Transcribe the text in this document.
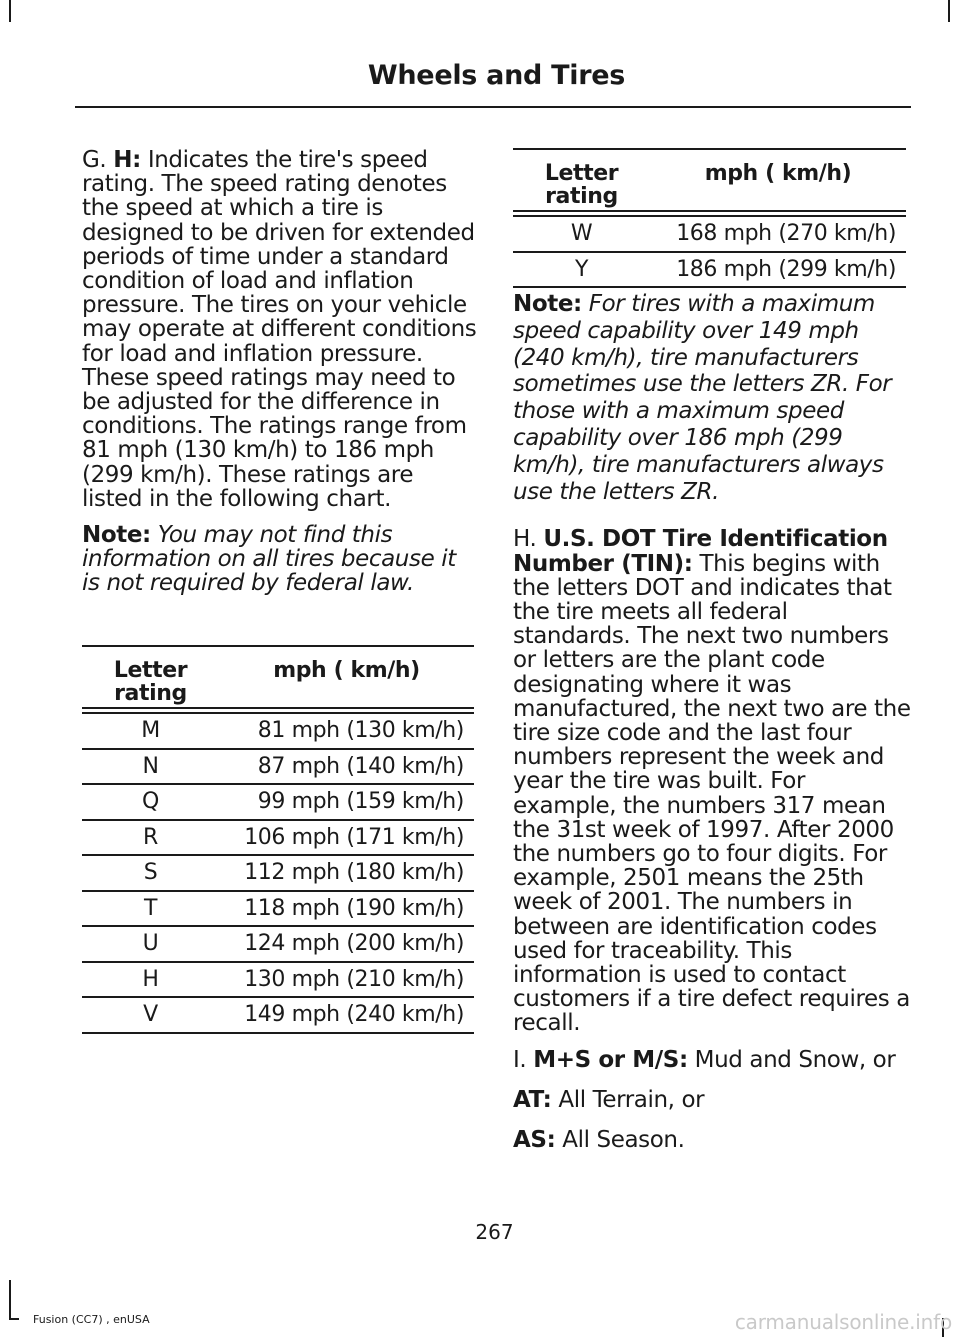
Wheels and Tires

G. H: Indicates the tire's speed rating. The speed rating denotes the speed at which a tire is designed to be driven for extended periods of time under a standard condition of load and inflation pressure. The tires on your vehicle may operate at different conditions for load and inflation pressure. These speed ratings may need to be adjusted for the difference in conditions. The ratings range from 81 mph (130 km/h) to 186 mph (299 km/h). These ratings are listed in the following chart.

Note: You may not find this information on all tires because it is not required by federal law.

Letter rating	mph ( km/h)

M	81 mph (130 km/h)
N	87 mph (140 km/h)
Q	99 mph (159 km/h)
R	106 mph (171 km/h)
S	112 mph (180 km/h)
T	118 mph (190 km/h)
U	124 mph (200 km/h)
H	130 mph (210 km/h)
V	149 mph (240 km/h)
Letter rating	mph ( km/h)

W	168 mph (270 km/h)
Y	186 mph (299 km/h)

Note: For tires with a maximum speed capability over 149 mph (240 km/h), tire manufacturers sometimes use the letters ZR. For those with a maximum speed capability over 186 mph (299 km/h), tire manufacturers always use the letters ZR.

H. U.S. DOT Tire Identification Number (TIN): This begins with the letters DOT and indicates that the tire meets all federal standards. The next two numbers or letters are the plant code designating where it was manufactured, the next two are the tire size code and the last four numbers represent the week and year the tire was built. For example, the numbers 317 mean the 31st week of 1997. After 2000 the numbers go to four digits. For example, 2501 means the 25th week of 2001. The numbers in between are identification codes used for traceability. This information is used to contact customers if a tire defect requires a recall.

I. M+S or M/S: Mud and Snow, or

AT: All Terrain, or

AS: All Season.

267
Fusion (CC7) , enUSA	carmanualsonline.info
